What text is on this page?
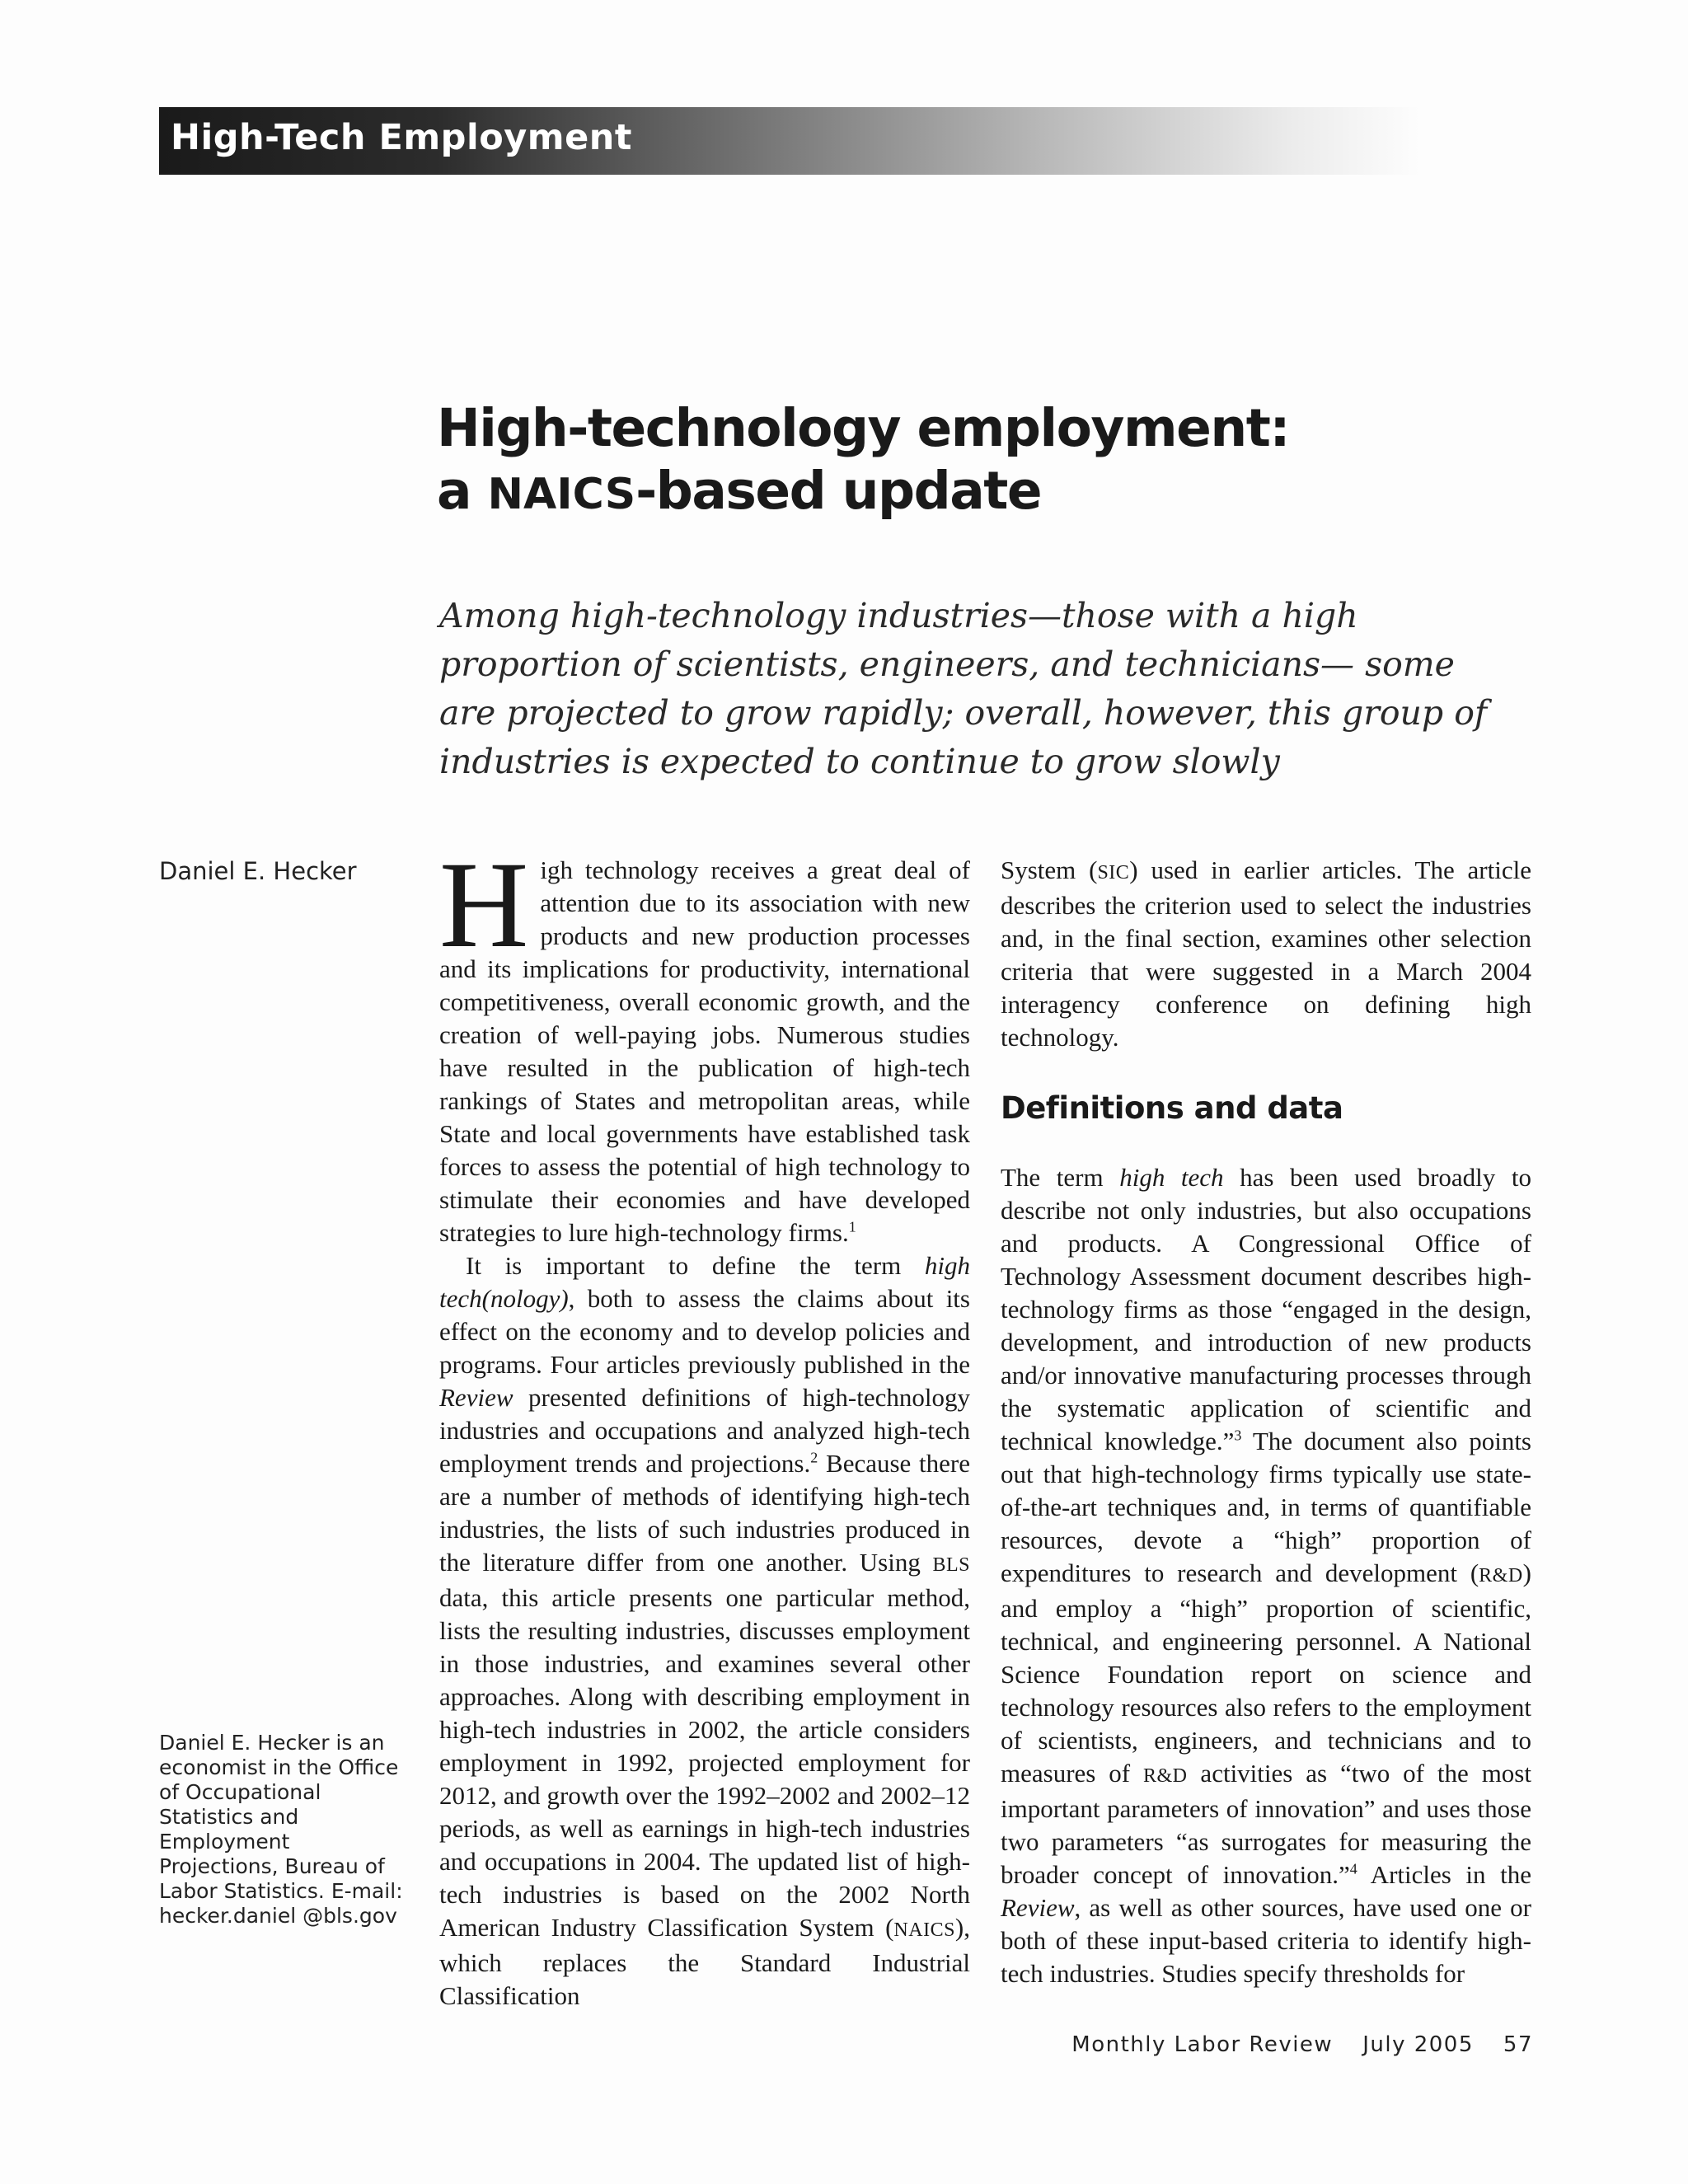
High-Tech Employment
High-technology employment:
a NAICS-based update

Among high-technology industries—those with a high proportion of scientists, engineers, and technicians— some are projected to grow rapidly; overall, however, this group of industries is expected to continue to grow slowly

Daniel E. Hecker
Daniel E. Hecker is an economist in the Office of Occupational Statistics and Employment Projections, Bureau of Labor Statistics. E-mail: hecker.daniel @bls.gov

High technology receives a great deal of attention due to its association with new products and new production processes and its implications for productivity, international competitiveness, overall economic growth, and the creation of well-paying jobs. Numerous studies have resulted in the publication of high-tech rankings of States and metropolitan areas, while State and local governments have established task forces to assess the potential of high technology to stimulate their economies and have developed strategies to lure high-technology firms.$^1$

It is important to define the term high tech(nology), both to assess the claims about its effect on the economy and to develop policies and programs. Four articles previously published in the Review presented definitions of high-technology industries and occupations and analyzed high-tech employment trends and projections.$^2$ Because there are a number of methods of identifying high-tech industries, the lists of such industries produced in the literature differ from one another. Using BLS data, this article presents one particular method, lists the resulting industries, discusses employment in those industries, and examines several other approaches. Along with describing employment in high-tech industries in 2002, the article considers employment in 1992, projected employment for 2012, and growth over the 1992–2002 and 2002–12 periods, as well as earnings in high-tech industries and occupations in 2004. The updated list of high-tech industries is based on the 2002 North American Industry Classification System (NAICS), which replaces the Standard Industrial Classification

System (SIC) used in earlier articles. The article describes the criterion used to select the industries and, in the final section, examines other selection criteria that were suggested in a March 2004 interagency conference on defining high technology.

Definitions and data

The term high tech has been used broadly to describe not only industries, but also occupations and products. A Congressional Office of Technology Assessment document describes high-technology firms as those “engaged in the design, development, and introduction of new products and/or innovative manufacturing processes through the systematic application of scientific and technical knowledge.”$^3$ The document also points out that high-technology firms typically use state-of-the-art techniques and, in terms of quantifiable resources, devote a “high” proportion of expenditures to research and development (R&D) and employ a “high” proportion of scientific, technical, and engineering personnel. A National Science Foundation report on science and technology resources also refers to the employment of scientists, engineers, and technicians and to measures of R&D activities as “two of the most important parameters of innovation” and uses those two parameters “as surrogates for measuring the broader concept of innovation.”$^4$ Articles in the Review, as well as other sources, have used one or both of these input-based criteria to identify high-tech industries. Studies specify thresholds for

Monthly Labor Review July 2005 57
